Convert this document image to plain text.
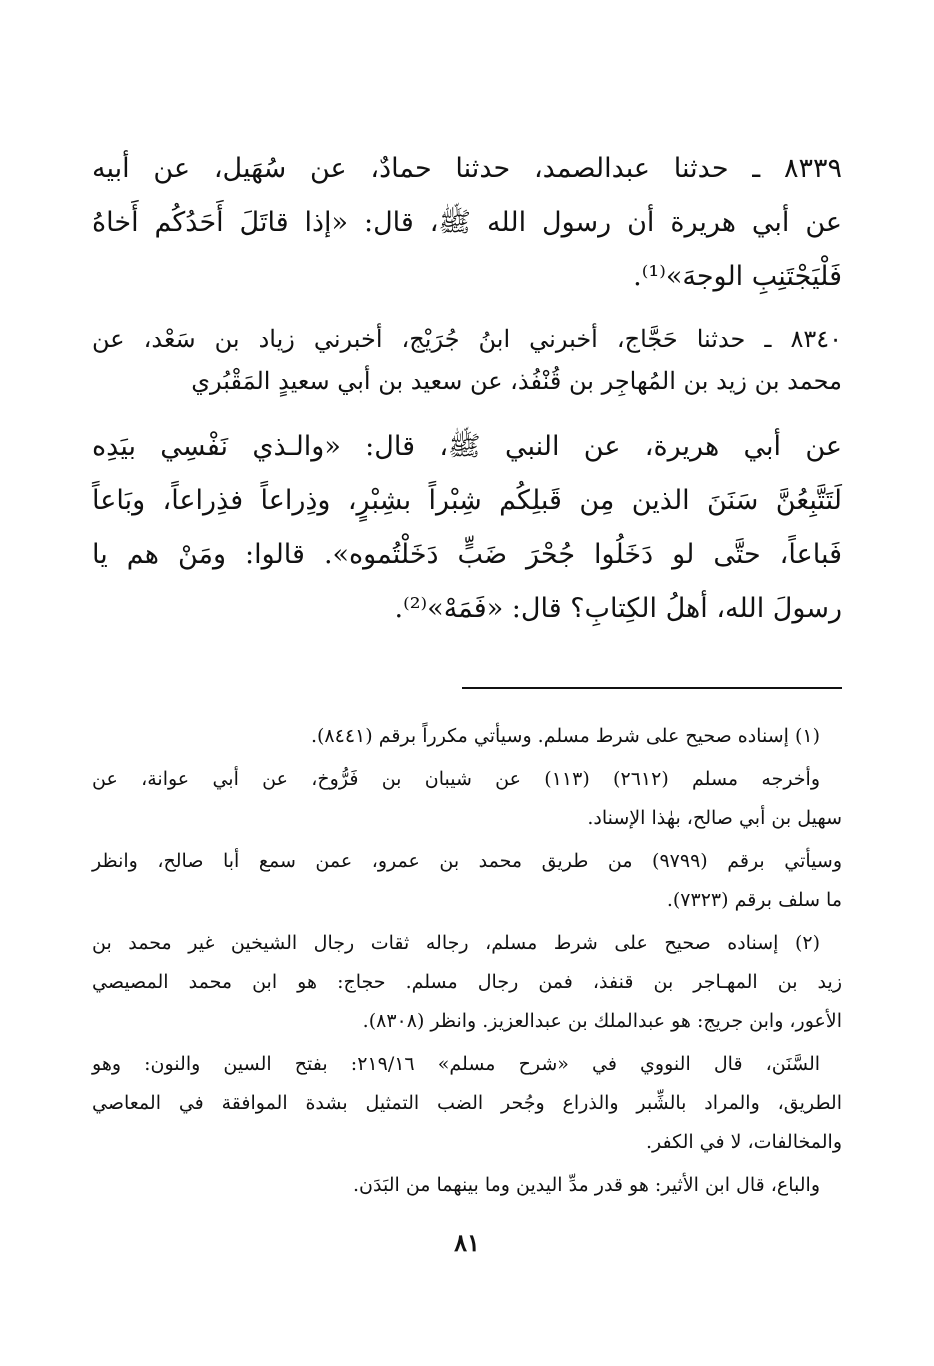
٨٣٣٩ ـ حدثنا عبدالصمد، حدثنا حمادٌ، عن سُهَيل، عن أبيه
عن أبي هريرة أن رسول الله ﷺ، قال: «إذا قاتَلَ أَحَدُكُم أَخاهُ
فَلْيَجْتَنِبِ الوجهَ»⁽¹⁾.
٨٣٤٠ ـ حدثنا حَجَّاج، أخبرني ابنُ جُرَيْج، أخبرني زياد بن سَعْد، عن
محمد بن زيد بن المُهاجِر بن قُنْفُذ، عن سعيد بن أبي سعيدٍ المَقْبُري
عن أبي هريرة، عن النبي ﷺ، قال: «والـذي نَفْسِي بيَدِه
لَتَتَّبِعُنَّ سَنَنَ الذين مِن قَبلِكُم شِبْراً بشِبْرٍ، وذِراعاً فذِراعاً، وبَاعاً
فَباعاً، حتَّى لو دَخَلُوا جُحْرَ ضَبٍّ دَخَلْتُموه». قالوا: ومَنْ هم يا
رسولَ الله، أهلُ الكِتابِ؟ قال: «فَمَهْ»⁽²⁾.
(١) إسناده صحيح على شرط مسلم. وسيأتي مكرراً برقم (٨٤٤١).
وأخرجه مسلم (٢٦١٢) (١١٣) عن شيبان بن فَرُّوخ، عن أبي عوانة، عن
سهيل بن أبي صالح، بهٰذا الإسناد.
وسيأتي برقم (٩٧٩٩) من طريق محمد بن عمرو، عمن سمع أبا صالح، وانظر
ما سلف برقم (٧٣٢٣).
(٢) إسناده صحيح على شرط مسلم، رجاله ثقات رجال الشيخين غير محمد بن
زيد بن المهـاجر بن قنفذ، فمن رجال مسلم. حجاج: هو ابن محمد المصيصي
الأعور، وابن جريج: هو عبدالملك بن عبدالعزيز. وانظر (٨٣٠٨).
السَّنَن، قال النووي في «شرح مسلم» ٢١٩/١٦: بفتح السين والنون: وهو
الطريق، والمراد بالشِّبر والذراع وجُحر الضب التمثيل بشدة الموافقة في المعاصي
والمخالفات، لا في الكفر.
والباع، قال ابن الأثير: هو قدر مدِّ اليدين وما بينهما من البَدَن.
٨١
